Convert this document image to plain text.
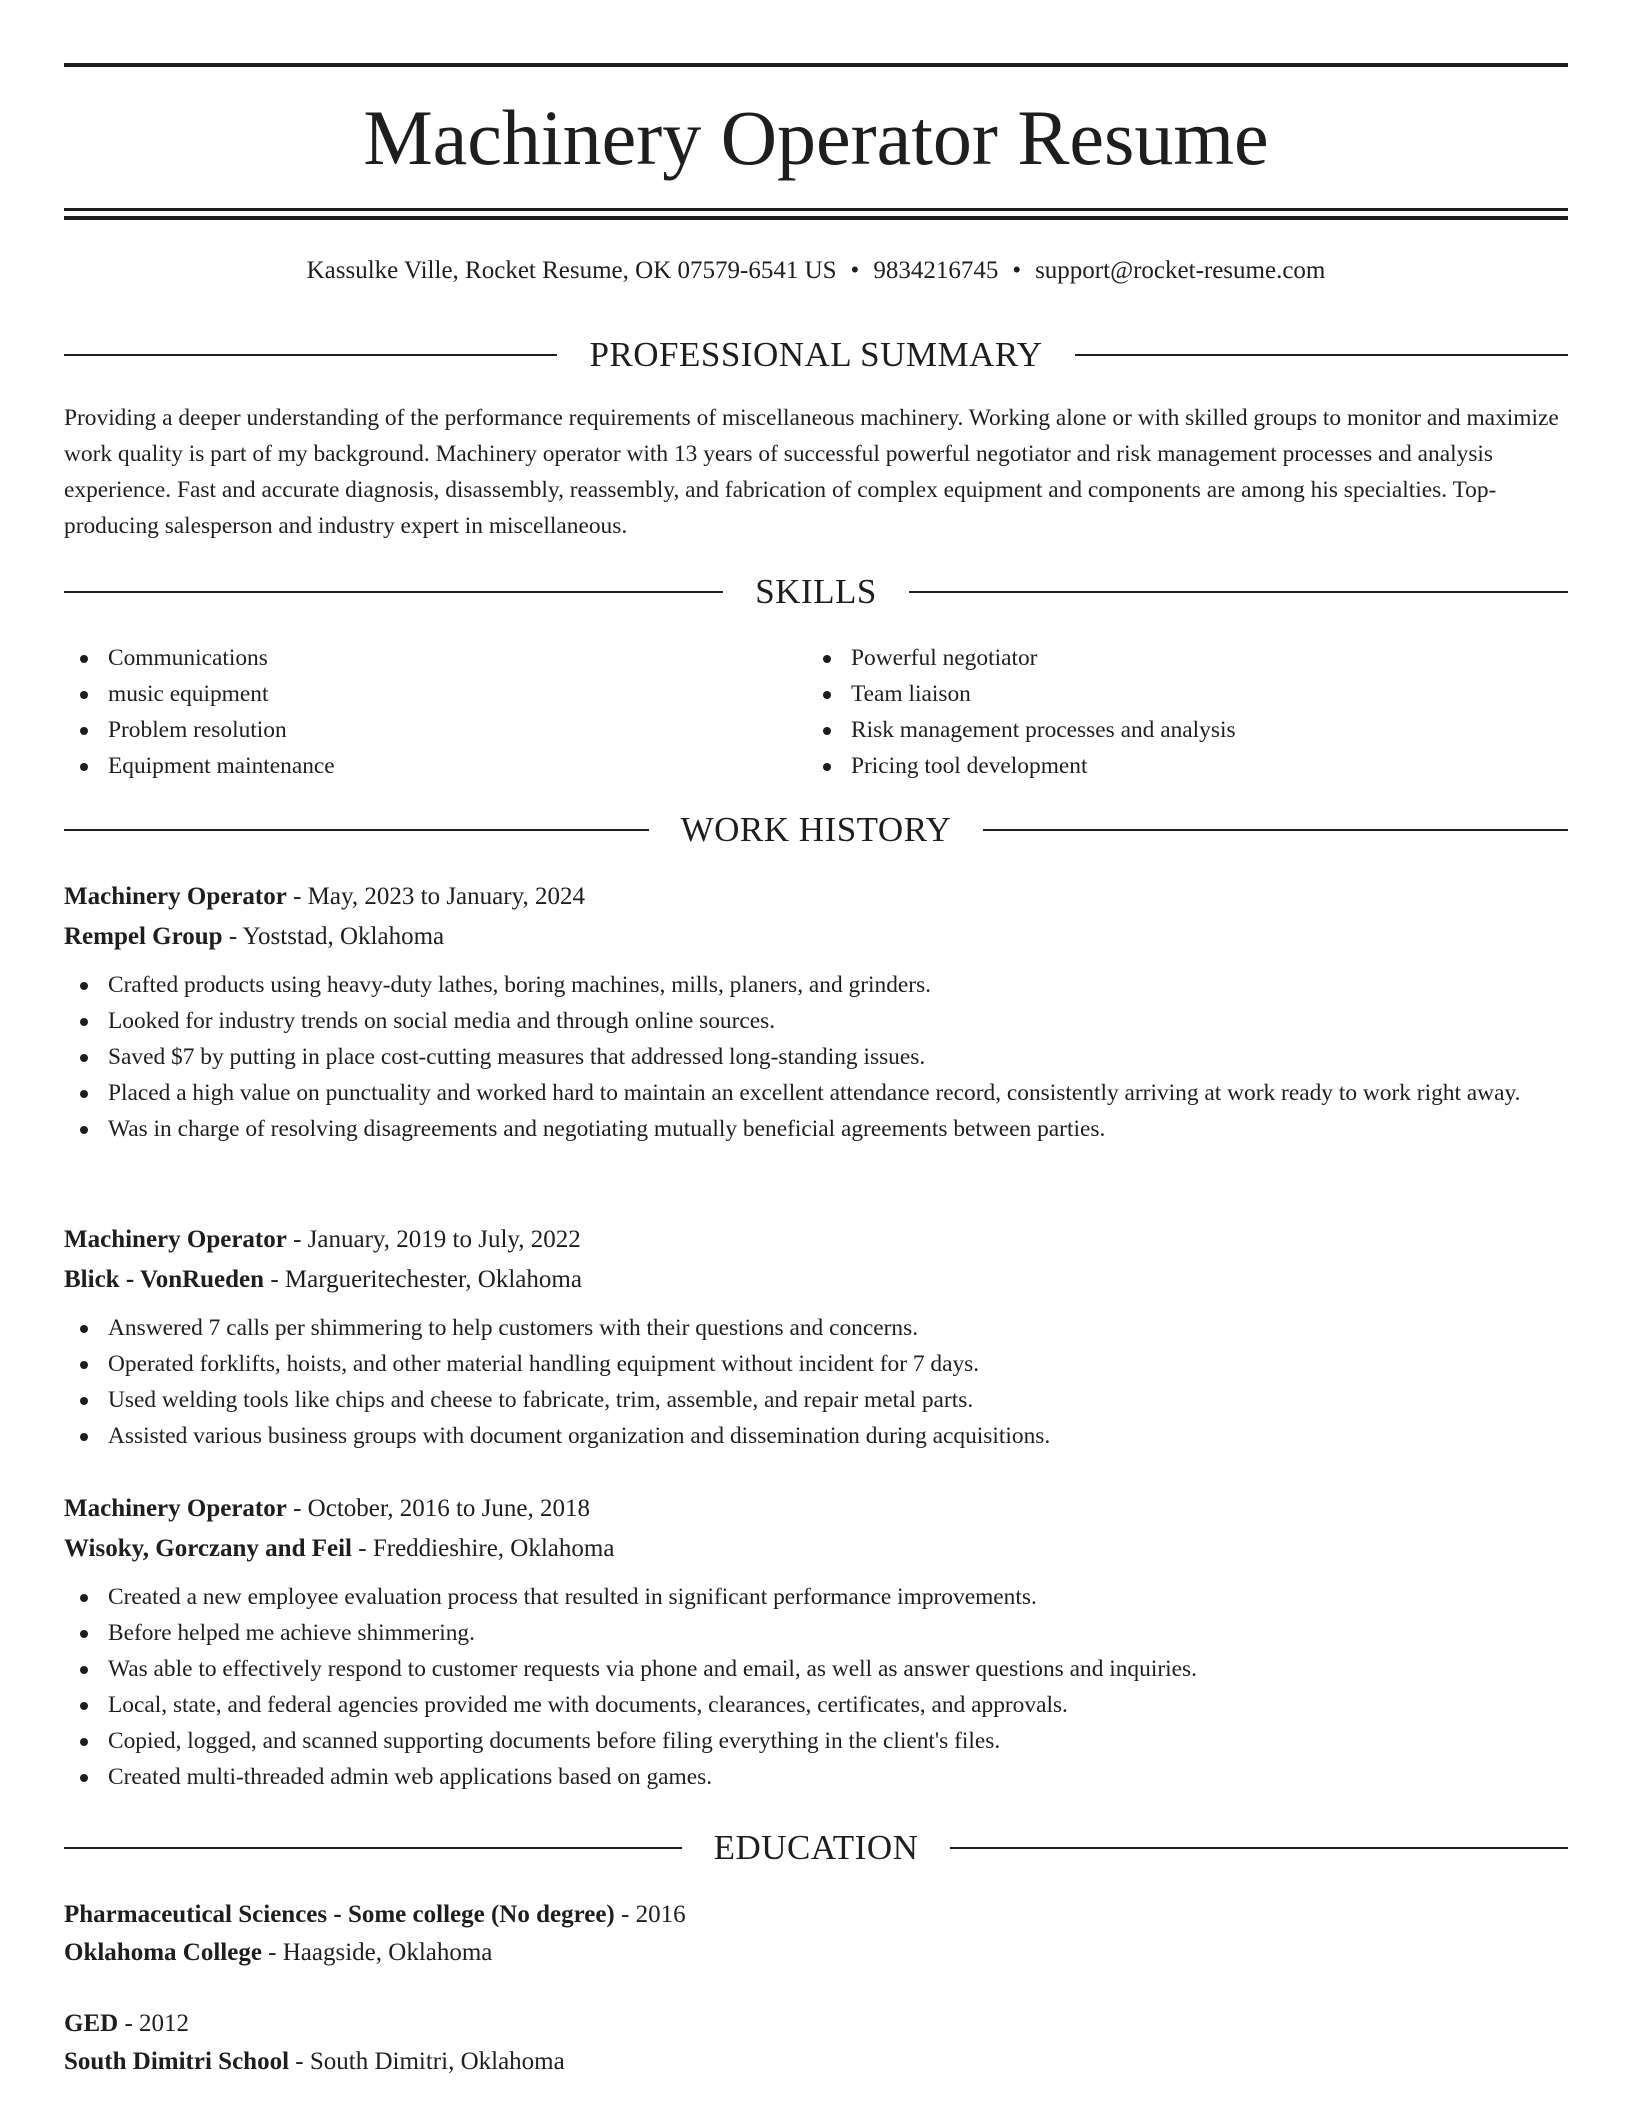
Machinery Operator Resume
Kassulke Ville, Rocket Resume, OK 07579-6541 US • 9834216745 • support@rocket-resume.com
PROFESSIONAL SUMMARY

Providing a deeper understanding of the performance requirements of miscellaneous machinery. Working alone or with skilled groups to monitor and maximize work quality is part of my background. Machinery operator with 13 years of successful powerful negotiator and risk management processes and analysis experience. Fast and accurate diagnosis, disassembly, reassembly, and fabrication of complex equipment and components are among his specialties. Top-producing salesperson and industry expert in miscellaneous.

SKILLS
Communications
music equipment
Problem resolution
Equipment maintenance
Powerful negotiator
Team liaison
Risk management processes and analysis
Pricing tool development
WORK HISTORY
Machinery Operator - May, 2023 to January, 2024
Rempel Group - Yoststad, Oklahoma
Crafted products using heavy-duty lathes, boring machines, mills, planers, and grinders.
Looked for industry trends on social media and through online sources.
Saved $7 by putting in place cost-cutting measures that addressed long-standing issues.
Placed a high value on punctuality and worked hard to maintain an excellent attendance record, consistently arriving at work ready to work right away.
Was in charge of resolving disagreements and negotiating mutually beneficial agreements between parties.
Machinery Operator - January, 2019 to July, 2022
Blick - VonRueden - Margueritechester, Oklahoma
Answered 7 calls per shimmering to help customers with their questions and concerns.
Operated forklifts, hoists, and other material handling equipment without incident for 7 days.
Used welding tools like chips and cheese to fabricate, trim, assemble, and repair metal parts.
Assisted various business groups with document organization and dissemination during acquisitions.
Machinery Operator - October, 2016 to June, 2018
Wisoky, Gorczany and Feil - Freddieshire, Oklahoma
Created a new employee evaluation process that resulted in significant performance improvements.
Before helped me achieve shimmering.
Was able to effectively respond to customer requests via phone and email, as well as answer questions and inquiries.
Local, state, and federal agencies provided me with documents, clearances, certificates, and approvals.
Copied, logged, and scanned supporting documents before filing everything in the client's files.
Created multi-threaded admin web applications based on games.
EDUCATION
Pharmaceutical Sciences - Some college (No degree) - 2016
Oklahoma College - Haagside, Oklahoma
GED - 2012
South Dimitri School - South Dimitri, Oklahoma
